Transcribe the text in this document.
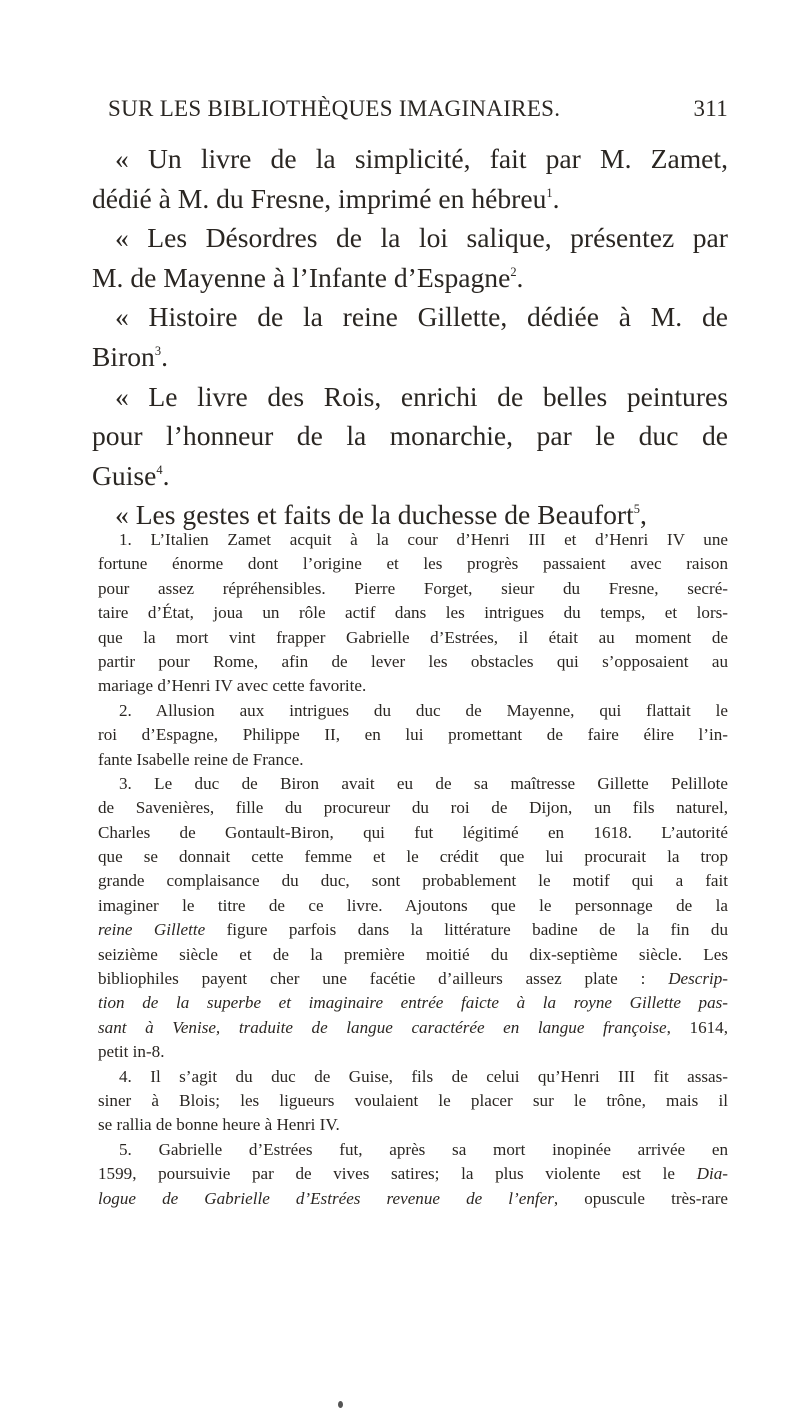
SUR LES BIBLIOTHÈQUES IMAGINAIRES.	311
« Un livre de la simplicité, fait par M. Zamet,
dédié à M. du Fresne, imprimé en hébreu$^1$.
« Les Désordres de la loi salique, présentez par
M. de Mayenne à l’Infante d’Espagne$^2$.
« Histoire de la reine Gillette, dédiée à M. de
Biron$^3$.
« Le livre des Rois, enrichi de belles peintures
pour l’honneur de la monarchie, par le duc de
Guise$^4$.
« Les gestes et faits de la duchesse de Beaufort$^5$,
1. L’Italien Zamet acquit à la cour d’Henri III et d’Henri IV une
fortune énorme dont l’origine et les progrès passaient avec raison
pour assez répréhensibles. Pierre Forget, sieur du Fresne, secré-
taire d’État, joua un rôle actif dans les intrigues du temps, et lors-
que la mort vint frapper Gabrielle d’Estrées, il était au moment de
partir pour Rome, afin de lever les obstacles qui s’opposaient au
mariage d’Henri IV avec cette favorite.
2. Allusion aux intrigues du duc de Mayenne, qui flattait le
roi d’Espagne, Philippe II, en lui promettant de faire élire l’in-
fante Isabelle reine de France.
3. Le duc de Biron avait eu de sa maîtresse Gillette Pelillote
de Savenières, fille du procureur du roi de Dijon, un fils naturel,
Charles de Gontault-Biron, qui fut légitimé en 1618. L’autorité
que se donnait cette femme et le crédit que lui procurait la trop
grande complaisance du duc, sont probablement le motif qui a fait
imaginer le titre de ce livre. Ajoutons que le personnage de la
reine Gillette figure parfois dans la littérature badine de la fin du
seizième siècle et de la première moitié du dix-septième siècle. Les
bibliophiles payent cher une facétie d’ailleurs assez plate : Descrip-
tion de la superbe et imaginaire entrée faicte à la royne Gillette pas-
sant à Venise, traduite de langue caractérée en langue françoise, 1614,
petit in-8.
4. Il s’agit du duc de Guise, fils de celui qu’Henri III fit assas-
siner à Blois; les ligueurs voulaient le placer sur le trône, mais il
se rallia de bonne heure à Henri IV.
5. Gabrielle d’Estrées fut, après sa mort inopinée arrivée en
1599, poursuivie par de vives satires; la plus violente est le Dia-
logue de Gabrielle d’Estrées revenue de l’enfer, opuscule très-rare
